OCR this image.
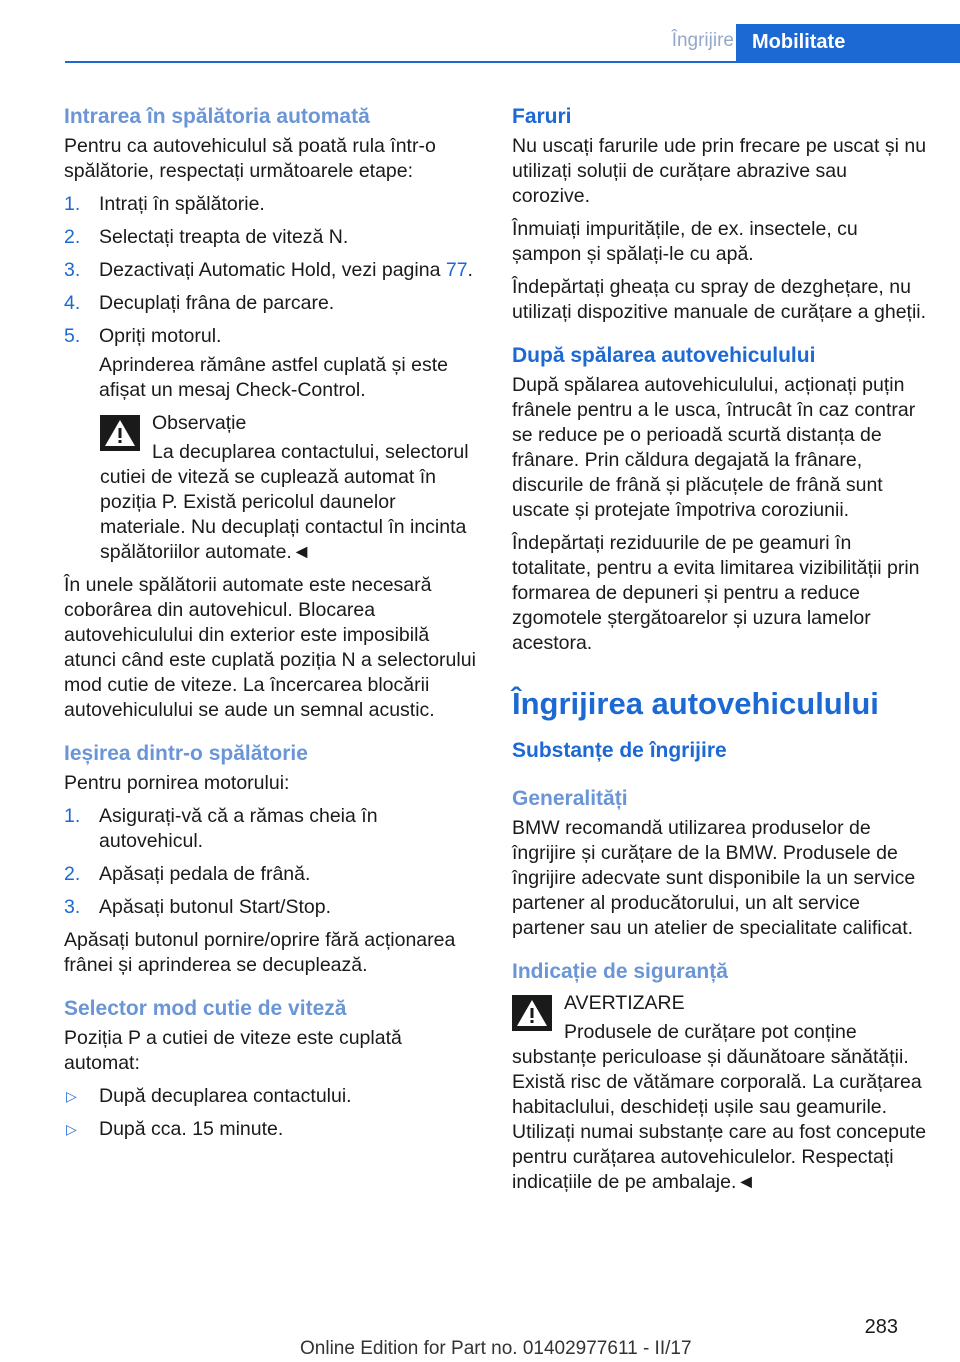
Îngrijire Mobilitate
Intrarea în spălătoria automată

Pentru ca autovehiculul să poată rula într-o spălătorie, respectați următoarele etape:

1. Intrați în spălătorie.
2. Selectați treapta de viteză N.
3. Dezactivați Automatic Hold, vezi pagina 77.
4. Decuplați frâna de parcare.
5. Opriți motorul.
Aprinderea rămâne astfel cuplată și este afișat un mesaj Check-Control.
Observație
La decuplarea contactului, selectorul cutiei de viteză se cuplează automat în poziția P. Există pericolul daunelor materiale. Nu decuplați contactul în incinta spălătoriilor automate.◄

În unele spălătorii automate este necesară coborârea din autovehicul. Blocarea autovehiculului din exterior este imposibilă atunci când este cuplată poziția N a selectorului mod cutie de viteze. La încercarea blocării autovehiculului se aude un semnal acustic.

Ieșirea dintr-o spălătorie

Pentru pornirea motorului:

1. Asigurați-vă că a rămas cheia în autovehicul.
2. Apăsați pedala de frână.
3. Apăsați butonul Start/Stop.

Apăsați butonul pornire/oprire fără acționarea frânei și aprinderea se decuplează.

Selector mod cutie de viteză

Poziția P a cutiei de viteze este cuplată automat:

▷ După decuplarea contactului.
▷ După cca. 15 minute.
Faruri

Nu uscați farurile ude prin frecare pe uscat și nu utilizați soluții de curățare abrazive sau corozive.

Înmuiați impuritățile, de ex. insectele, cu șampon și spălați-le cu apă.

Îndepărtați gheața cu spray de dezghețare, nu utilizați dispozitive manuale de curățare a gheții.

După spălarea autovehiculului

După spălarea autovehiculului, acționați puțin frânele pentru a le usca, întrucât în caz contrar se reduce pe o perioadă scurtă distanța de frânare. Prin căldura degajată la frânare, discurile de frână și plăcuțele de frână sunt uscate și protejate împotriva coroziunii.

Îndepărtați reziduurile de pe geamuri în totalitate, pentru a evita limitarea vizibilității prin formarea de depuneri și pentru a reduce zgomotele ștergătoarelor și uzura lamelor acestora.

Îngrijirea autovehiculului
Substanțe de îngrijire
Generalități

BMW recomandă utilizarea produselor de îngrijire și curățare de la BMW. Produsele de îngrijire adecvate sunt disponibile la un service partener al producătorului, un alt service partener sau un atelier de specialitate calificat.

Indicație de siguranță
AVERTIZARE
Produsele de curățare pot conține substanțe periculoase și dăunătoare sănătății. Există risc de vătămare corporală. La curățarea habitaclului, deschideți ușile sau geamurile. Utilizați numai substanțe care au fost concepute pentru curățarea autovehiculelor. Respectați indicațiile de pe ambalaje.◄
283
Online Edition for Part no. 01402977611 - II/17
